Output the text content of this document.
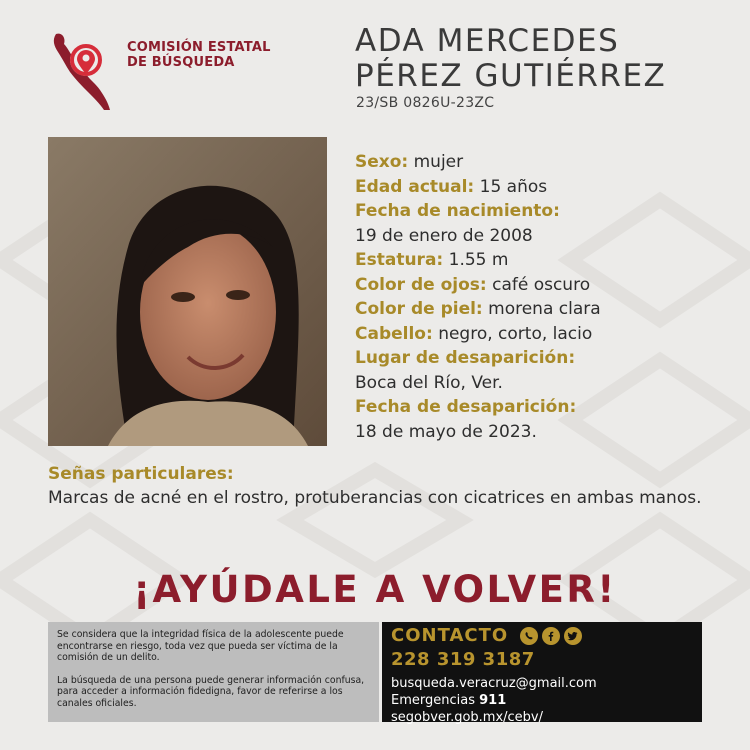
COMISIÓN ESTATAL
DE BÚSQUEDA
ADA MERCEDES
PÉREZ GUTIÉRREZ
23/SB 0826U-23ZC
Sexo: mujer
Edad actual: 15 años
Fecha de nacimiento:
19 de enero de 2008
Estatura: 1.55 m
Color de ojos: café oscuro
Color de piel: morena clara
Cabello: negro, corto, lacio
Lugar de desaparición:
Boca del Río, Ver.
Fecha de desaparición:
18 de mayo de 2023.
Señas particulares:
Marcas de acné en el rostro, protuberancias con cicatrices en ambas manos.
¡AYÚDALE A VOLVER!

Se considera que la integridad física de la adolescente puede encontrarse en riesgo, toda vez que pueda ser víctima de la comisión de un delito.

La búsqueda de una persona puede generar información confusa, para acceder a información fidedigna, favor de referirse a los canales oficiales.

CONTACTO
228 319 3187
busqueda.veracruz@gmail.com
Emergencias 911
segobver.gob.mx/cebv/
